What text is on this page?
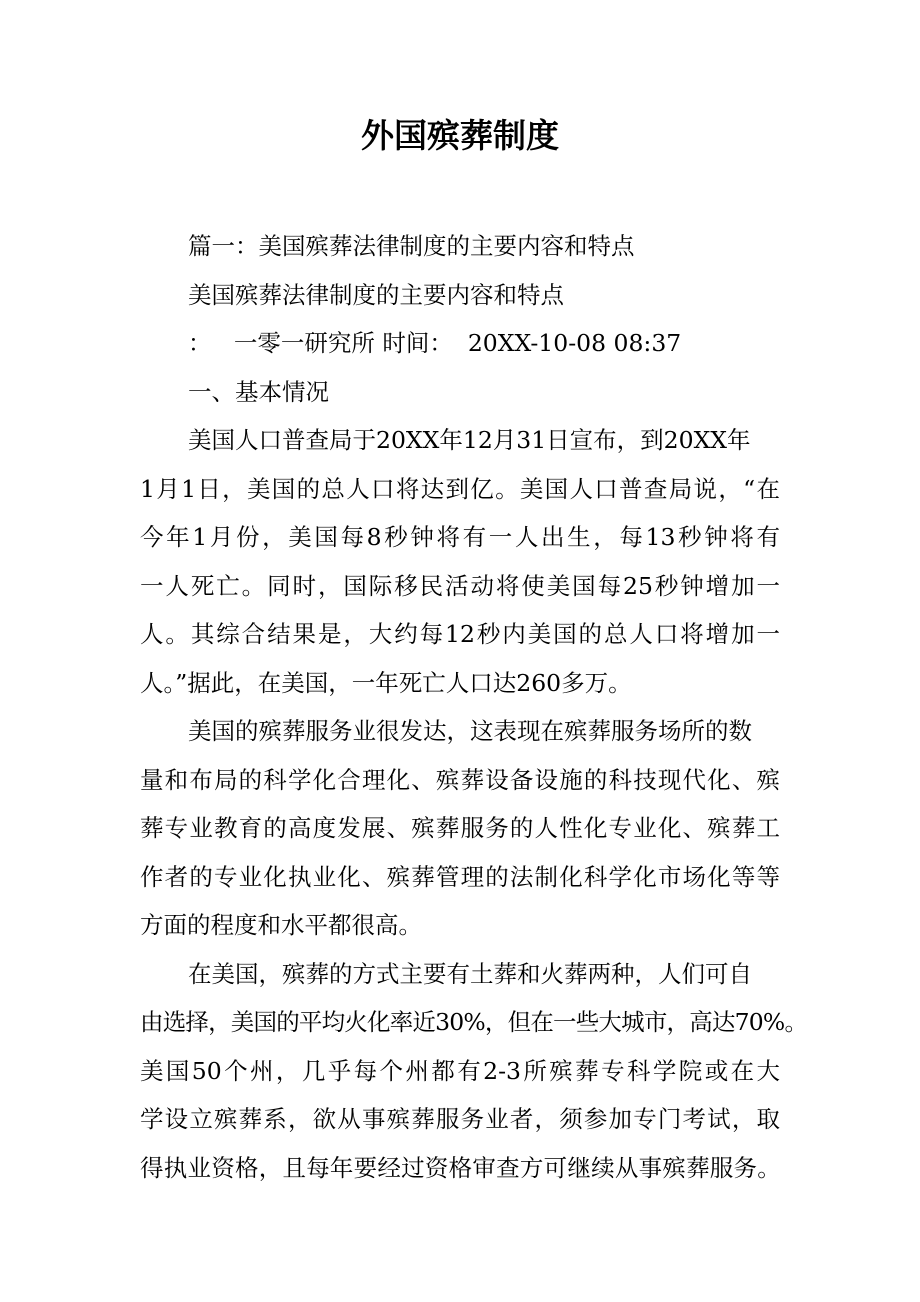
外国殡葬制度
篇一：美国殡葬法律制度的主要内容和特点
美国殡葬法律制度的主要内容和特点
：   一零一研究所 时间：  20XX-10-08 08:37
一、基本情况
美国人口普查局于20XX年12月31日宣布，到20XX年
1月1日，美国的总人口将达到亿。美国人口普查局说，“在
今年1月份，美国每8秒钟将有一人出生，每13秒钟将有
一人死亡。同时，国际移民活动将使美国每25秒钟增加一
人。其综合结果是，大约每12秒内美国的总人口将增加一
人。”据此，在美国，一年死亡人口达260多万。
美国的殡葬服务业很发达，这表现在殡葬服务场所的数
量和布局的科学化合理化、殡葬设备设施的科技现代化、殡
葬专业教育的高度发展、殡葬服务的人性化专业化、殡葬工
作者的专业化执业化、殡葬管理的法制化科学化市场化等等
方面的程度和水平都很高。
在美国，殡葬的方式主要有土葬和火葬两种，人们可自
由选择，美国的平均火化率近30%，但在一些大城市，高达70%。
美国50个州，几乎每个州都有2-3所殡葬专科学院或在大
学设立殡葬系，欲从事殡葬服务业者，须参加专门考试，取
得执业资格，且每年要经过资格审查方可继续从事殡葬服务。
